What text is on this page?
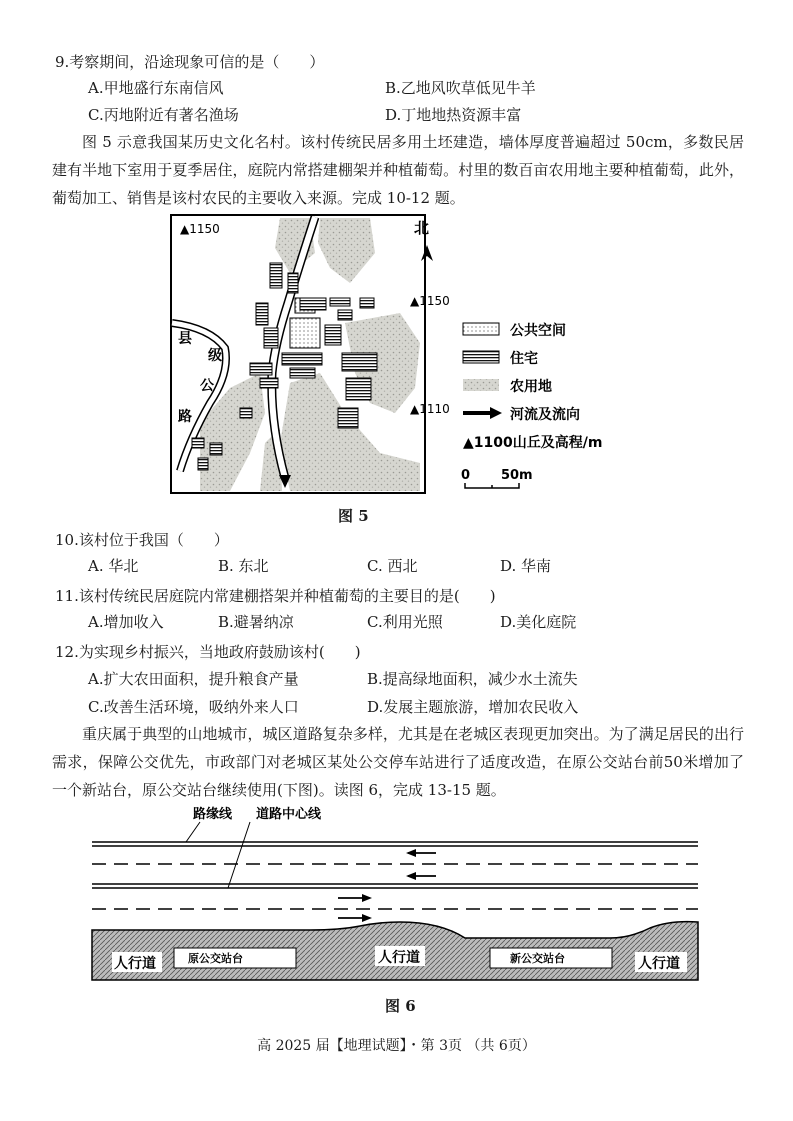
9.考察期间，沿途现象可信的是（　　）
A.甲地盛行东南信风	B.乙地风吹草低见牛羊
C.丙地附近有著名渔场	D.丁地地热资源丰富
图 5 示意我国某历史文化名村。该村传统民居多用土坯建造，墙体厚度普遍超过 50cm，多数民居建有半地下室用于夏季居住，庭院内常搭建棚架并种植葡萄。村里的数百亩农用地主要种植葡萄，此外，葡萄加工、销售是该村农民的主要收入来源。完成 10-12 题。
▲1150
▲1150
▲1110
北
县
级
公
路
公共空间
住宅
农用地
河流及流向
▲1100山丘及高程/m
0 50 m
图 5
10.该村位于我国（　　）
A. 华北	B. 东北	C. 西北	D. 华南
11.该村传统民居庭院内常建棚搭架并种植葡萄的主要目的是(　　)
A.增加收入	B.避暑纳凉	C.利用光照	D.美化庭院
12.为实现乡村振兴，当地政府鼓励该村(　　)
A.扩大农田面积，提升粮食产量	B.提高绿地面积，减少水土流失
C.改善生活环境，吸纳外来人口	D.发展主题旅游，增加农民收入
重庆属于典型的山地城市，城区道路复杂多样，尤其是在老城区表现更加突出。为了满足居民的出行需求，保障公交优先，市政部门对老城区某处公交停车站进行了适度改造，在原公交站台前50米增加了一个新站台，原公交站台继续使用(下图)。读图 6，完成 13-15 题。
路缘线 道路中心线
人行道	人行道	人行道
原公交站台	新公交站台
图 6
高 2025 届【地理试题】・第 3页 （共 6页）
